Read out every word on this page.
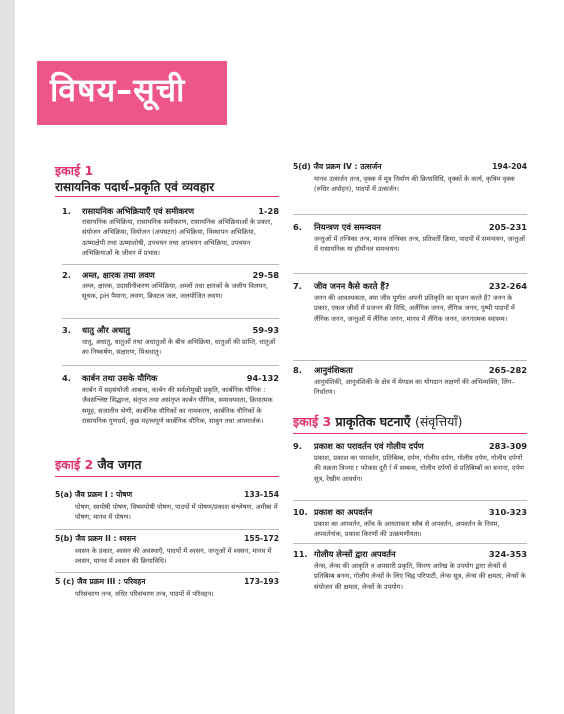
विषय–सूची
इकाई 1
रासायनिक पदार्थ–प्रकृति एवं व्यवहार
1. रासायनिक अभिक्रियाएँ एवं समीकरण	1-28
रासायनिक अभिक्रिया, रासायनिक समीकरण, रासायनिक अभिक्रियाओं के प्रकार, संयोजन अभिक्रिया, वियोजन (अपघटन) अभिक्रिया, विस्थापन अभिक्रिया, ऊष्माक्षेपी तथा ऊष्माशोषी, उपचयन तथा अपचयन अभिक्रिया, उपचयन अभिक्रियाओं के जीवन में प्रभाव।
2. अम्ल, क्षारक तथा लवण	29-58
अम्ल, क्षारक, उदासीनीकरण अभिक्रिया, अम्लों तथा क्षारकों के जलीय विलयन, सूचक, pH पैमाना, लवण, क्रिस्टल जल, जलयोजित लवण।
3. धातु और अधातु	59-93
धातु, अधातु, धातुओं तथा अधातुओं के बीच अभिक्रिया, धातुओं की प्राप्ति, धातुओं का निष्कर्षण, संक्षारण, मिश्रधातु।
4. कार्बन तथा उसके यौगिक	94-132
कार्बन में सहसंयोजी आबन्ध, कार्बन की सर्वतोमुखी प्रकृति, कार्बनिक यौगिक : जैवसंश्लिष्ट सिद्धान्त, संतृप्त तथा असंतृप्त कार्बन यौगिक, समावयवता, क्रियात्मक समूह, सजातीय श्रेणी, कार्बनिक यौगिकों का नामकरण, कार्बनिक यौगिकों के रासायनिक गुणधर्म, कुछ महत्त्वपूर्ण कार्बनिक यौगिक, साबुन तथा अपमार्जक।
इकाई 2 जैव जगत
5(a) जैव प्रक्रम I : पोषण	133-154
पोषण, स्वपोषी पोषण, विषमपोषी पोषण, पादपों में पोषण/प्रकाश संश्लेषण, अमीबा में पोषण, मानव में पोषण।
5(b) जैव प्रक्रम II : श्वसन	155-172
श्वसन के प्रकार, श्वसन की अवस्थाएँ, पादपों में श्वसन, जन्तुओं में श्वसन, मानव में श्वसन, मानव में श्वसन की क्रियाविधि।
5 (c) जैव प्रक्रम III : परिवहन	173-193
परिसंचरण तन्त्र, रुधिर परिसंचरण तन्त्र, पादपों में परिवहन।
5(d) जैव प्रक्रम IV : उत्सर्जन	194-204
मानव उत्सर्जन तन्त्र, वृक्क में मूत्र निर्माण की क्रियाविधि, वृक्कों के कार्य, कृत्रिम वृक्क (रुधिर अपोहन), पादपों में उत्सर्जन।
6. नियन्त्रण एवं समन्वयन	205-231
जन्तुओं में तन्त्रिका तन्त्र, मानव तन्त्रिका तन्त्र, प्रतिवर्ती क्रिया, पादपों में समन्वयन, जन्तुओं में रासायनिक या हॉर्मोनल समन्वयन।
7. जीव जनन कैसे करते हैं?	232-264
जनन की आवश्यकता, क्या जीव पूर्णतः अपनी प्रतिकृति का सृजन करते हैं? जनन के प्रकार, एकल जीवों में प्रजनन की विधि, अलैंगिक जनन, लैंगिक जनन, पुष्पी पादपों में लैंगिक जनन, जन्तुओं में लैंगिक जनन, मानव में लैंगिक जनन, जननात्मक स्वास्थ्य।
8. आनुवंशिकता	265-282
आनुवंशिकी, आनुवंशिकी के क्षेत्र में मेण्डल का योगदान लक्षणों की अभिव्यक्ति, लिंग–निर्धारण।
इकाई 3 प्राकृतिक घटनाएँ (संवृत्तियाँ)
9. प्रकाश का परावर्तन एवं गोलीय दर्पण	283-309
प्रकाश, प्रकाश का परावर्तन, प्रतिबिम्ब, दर्पण, गोलीय दर्पण, गोलीय दर्पण, गोलीय दर्पणों की वक्रता त्रिज्या r फोकस दूरी f में सम्बन्ध, गोलीय दर्पणों से प्रतिबिम्बों का बनाना, दर्पण सूत्र, रेखीय आवर्धन।
10. प्रकाश का अपवर्तन	310-323
प्रकाश का अपवर्तन, काँच के आयताकार स्लैब से अपवर्तन, अपवर्तन के नियम, अपवर्तनांक, प्रकाश किरणों की उत्क्रमणीयता।
11. गोलीय लेन्सों द्वारा अपवर्तन	324-353
लेन्स, लेन्स की आकृति व अपसारी प्रकृति, किरण आरेख के उपयोग द्वारा लेन्सों से प्रतिबिम्ब बनना, गोलीय लेन्सों के लिए चिह्न परिपाटी, लेन्स सूत्र, लेन्स की क्षमता, लेन्सों के संयोजन की क्षमता, लेन्सों के उपयोग।
